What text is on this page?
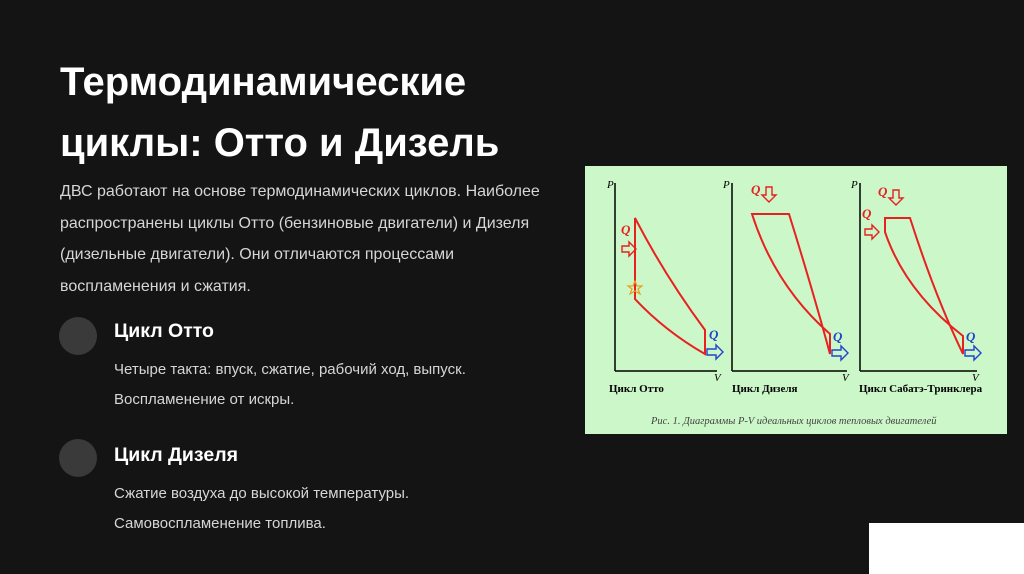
Термодинамические
циклы: Отто и Дизель
ДВС работают на основе термодинамических циклов. Наиболее
распространены циклы Отто (бензиновые двигатели) и Дизеля
(дизельные двигатели). Они отличаются процессами
воспламенения и сжатия.
Цикл Отто
Четыре такта: впуск, сжатие, рабочий ход, выпуск.
Воспламенение от искры.
Цикл Дизеля
Сжатие воздуха до высокой температуры.
Самовоспламенение топлива.
P
V
Q
Q
Цикл Отто
P
V
Q
Q
Цикл Дизеля
P
V
Q
Q
Q
Цикл Сабатэ-Тринклера
Рис. 1. Диаграммы P-V идеальных циклов тепловых двигателей
